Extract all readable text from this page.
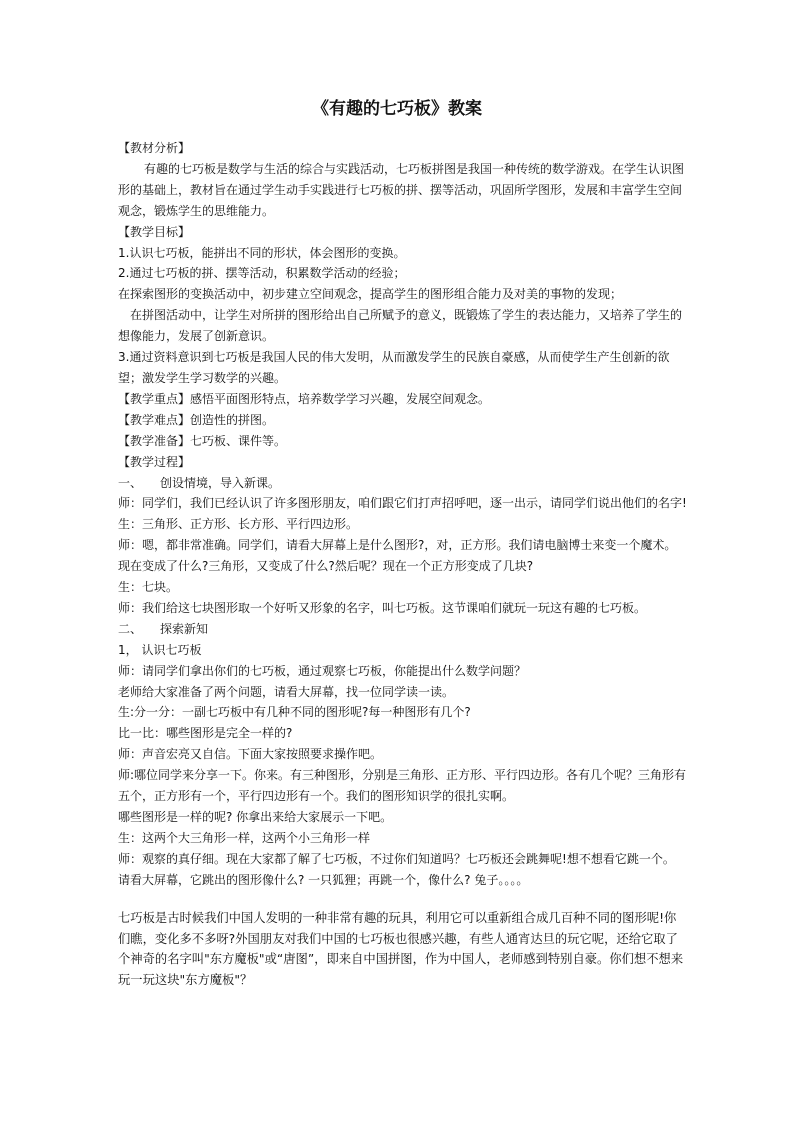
《有趣的七巧板》教案

【教材分析】

有趣的七巧板是数学与生活的综合与实践活动，七巧板拼图是我国一种传统的数学游戏。在学生认识图形的基础上，教材旨在通过学生动手实践进行七巧板的拼、摆等活动，巩固所学图形，发展和丰富学生空间观念，锻炼学生的思维能力。

【教学目标】

1.认识七巧板，能拼出不同的形状，体会图形的变换。

2.通过七巧板的拼、摆等活动，积累数学活动的经验；

在探索图形的变换活动中，初步建立空间观念，提高学生的图形组合能力及对美的事物的发现；

在拼图活动中，让学生对所拼的图形给出自己所赋予的意义，既锻炼了学生的表达能力，又培养了学生的想像能力，发展了创新意识。

3.通过资料意识到七巧板是我国人民的伟大发明，从而激发学生的民族自豪感，从而使学生产生创新的欲望；激发学生学习数学的兴趣。

【教学重点】感悟平面图形特点，培养数学学习兴趣，发展空间观念。

【教学难点】创造性的拼图。

【教学准备】七巧板、课件等。

【教学过程】

一、　　创设情境，导入新课。

师：同学们，我们已经认识了许多图形朋友，咱们跟它们打声招呼吧，逐一出示，请同学们说出他们的名字!

生：三角形、正方形、长方形、平行四边形。

师：嗯，都非常准确。同学们，请看大屏幕上是什么图形?，对，正方形。我们请电脑博士来变一个魔术。现在变成了什么?三角形，又变成了什么?然后呢？现在一个正方形变成了几块?

生：七块。

师：我们给这七块图形取一个好听又形象的名字，叫七巧板。这节课咱们就玩一玩这有趣的七巧板。

二、　　探索新知

1， 认识七巧板

师：请同学们拿出你们的七巧板，通过观察七巧板，你能提出什么数学问题？

老师给大家准备了两个问题，请看大屏幕，找一位同学读一读。

生:分一分：一副七巧板中有几种不同的图形呢?每一种图形有几个?

比一比：哪些图形是完全一样的?

师：声音宏亮又自信。下面大家按照要求操作吧。

师:哪位同学来分享一下。你来。有三种图形，分别是三角形、正方形、平行四边形。各有几个呢？三角形有五个，正方形有一个，平行四边形有一个。我们的图形知识学的很扎实啊。

哪些图形是一样的呢? 你拿出来给大家展示一下吧。

生：这两个大三角形一样，这两个小三角形一样

师：观察的真仔细。现在大家都了解了七巧板，不过你们知道吗？七巧板还会跳舞呢!想不想看它跳一个。

请看大屏幕，它跳出的图形像什么? 一只狐狸；再跳一个，像什么? 兔子。。。。

七巧板是古时候我们中国人发明的一种非常有趣的玩具，利用它可以重新组合成几百种不同的图形呢!你们瞧，变化多不多呀?外国朋友对我们中国的七巧板也很感兴趣，有些人通宵达旦的玩它呢，还给它取了个神奇的名字叫"东方魔板"或“唐图”，即来自中国拼图，作为中国人，老师感到特别自豪。你们想不想来玩一玩这块"东方魔板"？
